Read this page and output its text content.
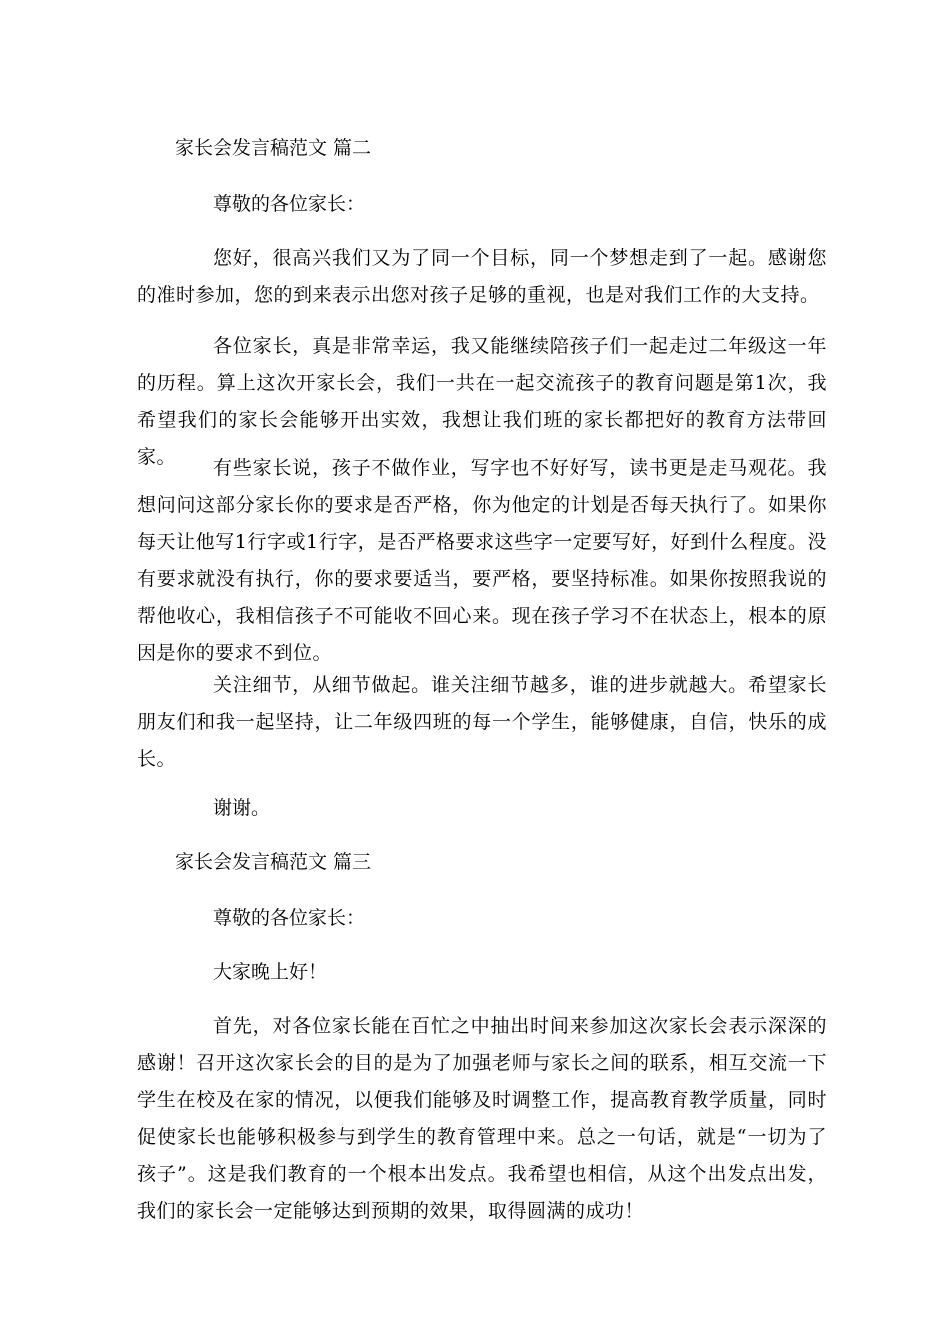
家长会发言稿范文 篇二
尊敬的各位家长：
您好，很高兴我们又为了同一个目标，同一个梦想走到了一起。感谢您的准时参加，您的到来表示出您对孩子足够的重视，也是对我们工作的大支持。
各位家长，真是非常幸运，我又能继续陪孩子们一起走过二年级这一年的历程。算上这次开家长会，我们一共在一起交流孩子的教育问题是第1次，我希望我们的家长会能够开出实效，我想让我们班的家长都把好的教育方法带回家。	有些家长说，孩子不做作业，写字也不好好写，读书更是走马观花。我想问问这部分家长你的要求是否严格，你为他定的计划是否每天执行了。如果你每天让他写1行字或1行字，是否严格要求这些字一定要写好，好到什么程度。没有要求就没有执行，你的要求要适当，要严格，要坚持标准。如果你按照我说的帮他收心，我相信孩子不可能收不回心来。现在孩子学习不在状态上，根本的原因是你的要求不到位。
关注细节，从细节做起。谁关注细节越多，谁的进步就越大。希望家长朋友们和我一起坚持，让二年级四班的每一个学生，能够健康，自信，快乐的成长。
谢谢。
家长会发言稿范文 篇三
尊敬的各位家长：
大家晚上好！
首先，对各位家长能在百忙之中抽出时间来参加这次家长会表示深深的感谢！召开这次家长会的目的是为了加强老师与家长之间的联系，相互交流一下学生在校及在家的情况，以便我们能够及时调整工作，提高教育教学质量，同时促使家长也能够积极参与到学生的教育管理中来。总之一句话，就是“一切为了孩子”。这是我们教育的一个根本出发点。我希望也相信，从这个出发点出发，我们的家长会一定能够达到预期的效果，取得圆满的成功！
